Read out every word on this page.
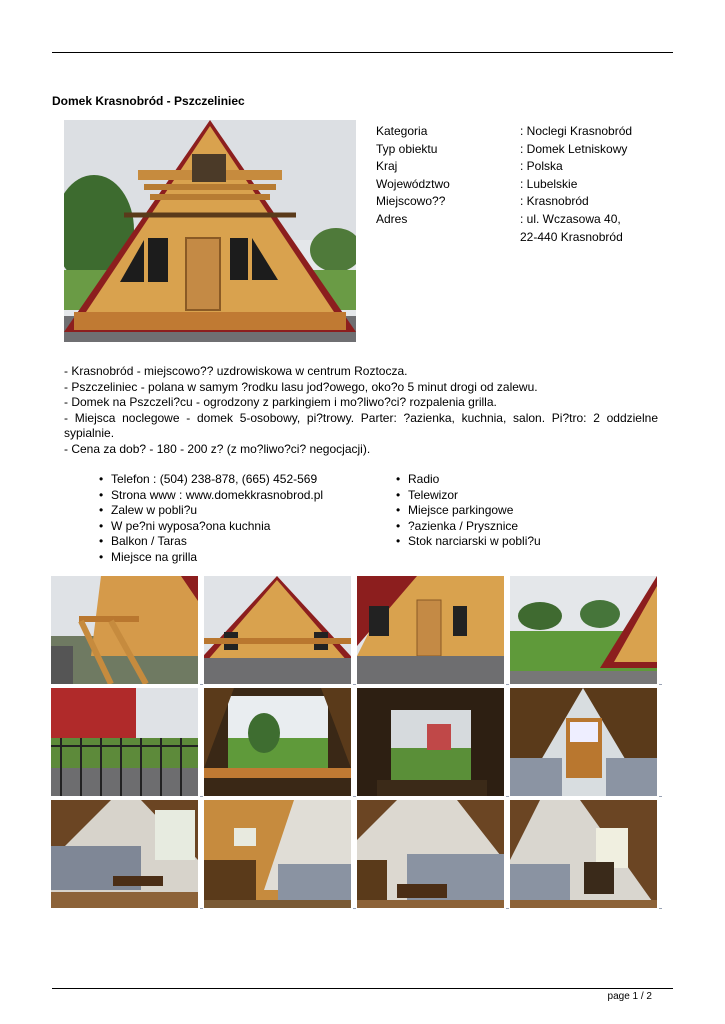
Domek Krasnobród - Pszczeliniec
Kategoria	: Noclegi Krasnobród
Typ obiektu	: Domek Letniskowy
Kraj	: Polska
Województwo	: Lubelskie
Miejscowo??	: Krasnobród
Adres	: ul. Wczasowa 40,
22-440 Krasnobród
- Krasnobród - miejscowo?? uzdrowiskowa w centrum Roztocza.
- Pszczeliniec - polana w samym ?rodku lasu jod?owego, oko?o 5 minut drogi od zalewu.
- Domek na Pszczeli?cu - ogrodzony z parkingiem i mo?liwo?ci? rozpalenia grilla.
- Miejsca noclegowe - domek 5-osobowy, pi?trowy. Parter: ?azienka, kuchnia, salon. Pi?tro: 2 oddzielne sypialnie.
- Cena za dob? - 180 - 200 z? (z mo?liwo?ci? negocjacji).
• Telefon : (504) 238-878, (665) 452-569
• Strona www : www.domekkrasnobrod.pl
• Zalew w pobli?u
• W pe?ni wyposa?ona kuchnia
• Balkon / Taras
• Miejsce na grilla
• Radio
• Telewizor
• Miejsce parkingowe
• ?azienka / Prysznice
• Stok narciarski w pobli?u
page 1 / 2
